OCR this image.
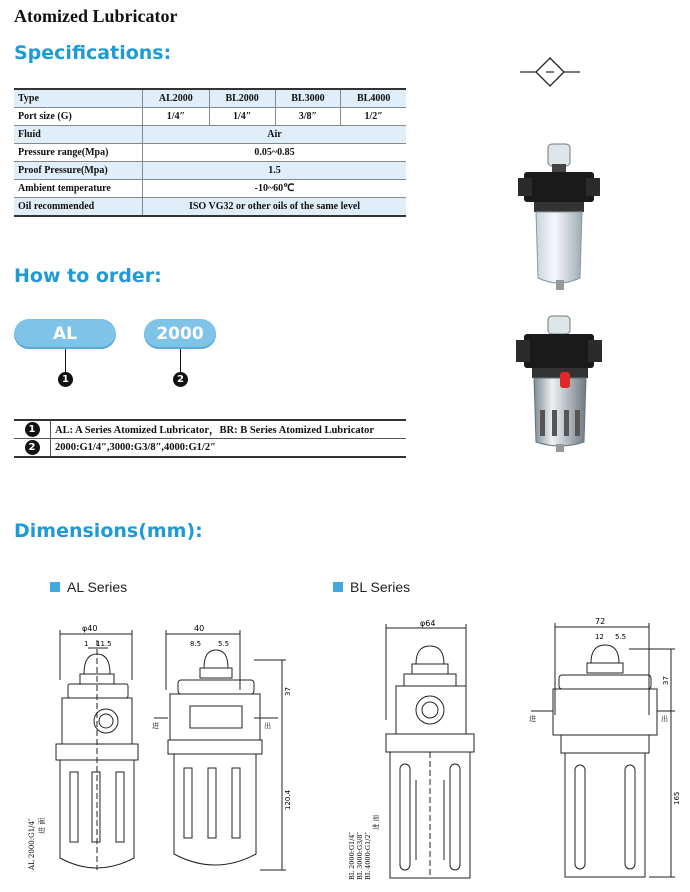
Atomized Lubricator
Specifications:
Type	AL2000	BL2000	BL3000	BL4000
Port size (G)	1/4″	1/4″	3/8″	1/2″
Fluid	Air			
Pressure range(Mpa)	0.05~0.85			
Proof Pressure(Mpa)	1.5			
Ambient temperature	-10~60℃			
Oil recommended	ISO VG32 or other oils of the same level			
How to order:
AL	2000
1	2
1	AL: A Series Atomized Lubricator，BR: B Series Atomized Lubricator
2	2000:G1/4″,3000:G3/8″,4000:G1/2″
Dimensions(mm):
AL Series	BL Series
φ40
1 11.5
AL 2000:G1/4″ 进 面
40
8.5 5.5
37
120.4
进	出
φ64
BL 2000:G1/4″ BL 3000:G3/8″ BL 4000:G1/2″
进 面
72
12 5.5
37
165
进	出
